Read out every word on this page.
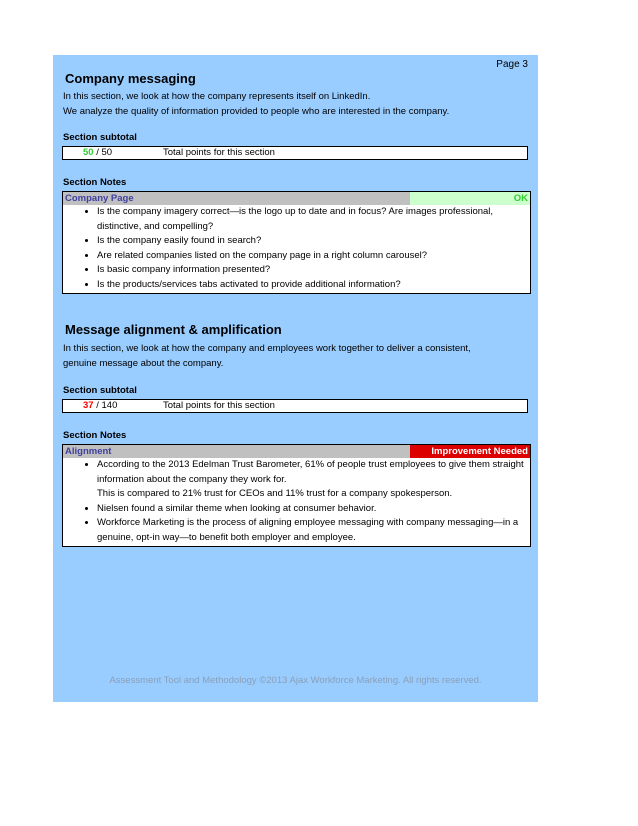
Page 3
Company messaging
In this section, we look at how the company represents itself on LinkedIn.
We analyze the quality of information provided to people who are interested in the company.
Section subtotal
50 / 50	Total points for this section
Section Notes
Company Page	OK
• Is the company imagery correct—is the logo up to date and in focus? Are images professional, distinctive, and compelling?
• Is the company easily found in search?
• Are related companies listed on the company page in a right column carousel?
• Is basic company information presented?
• Is the products/services tabs activated to provide additional information?
Message alignment & amplification
In this section, we look at how the company and employees work together to deliver a consistent,
genuine message about the company.
Section subtotal
37 / 140	Total points for this section
Section Notes
Alignment	Improvement Needed
• According to the 2013 Edelman Trust Barometer, 61% of people trust employees to give them straight information about the company they work for.
This is compared to 21% trust for CEOs and 11% trust for a company spokesperson.
• Nielsen found a similar theme when looking at consumer behavior.
• Workforce Marketing is the process of aligning employee messaging with company messaging—in a genuine, opt-in way—to benefit both employer and employee.
Assessment Tool and Methodology ©2013 Ajax Workforce Marketing. All rights reserved.
